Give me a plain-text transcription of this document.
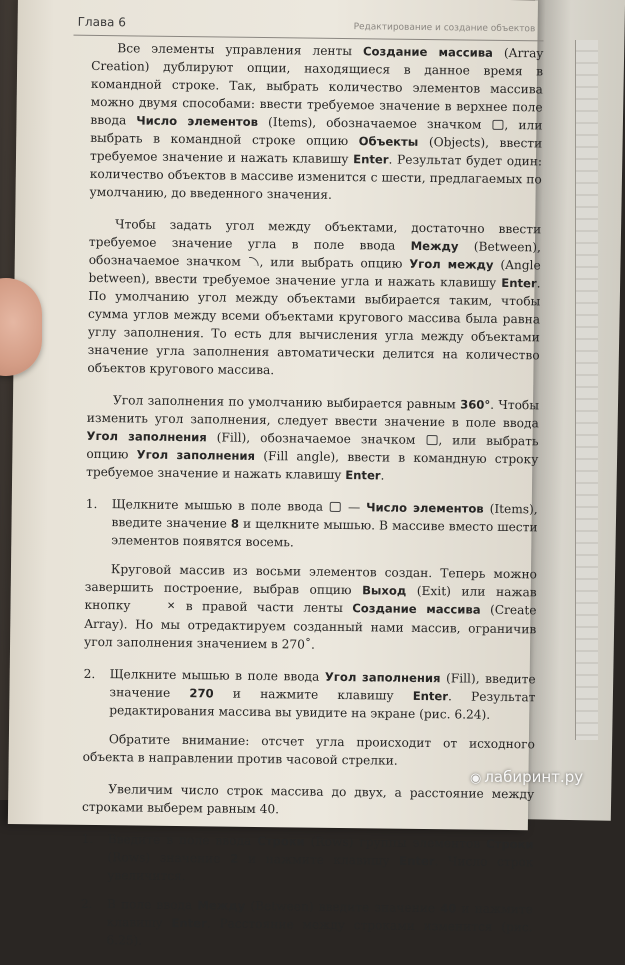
Глава 6	Редактирование и создание объектов

Все элементы управления ленты Создание массива (Array Creation) дублируют опции, находящиеся в данное время в командной строке. Так, выбрать количество элементов массива можно двумя способами: ввести требуемое значение в верхнее поле ввода Число элементов (Items), обозначаемое значком , или выбрать в командной строке опцию Объекты (Objects), ввести требуемое значение и нажать клавишу Enter. Результат будет один: количество объектов в массиве изменится с шести, предлагаемых по умолчанию, до введенного значения.

Чтобы задать угол между объектами, достаточно ввести требуемое значение угла в поле ввода Между (Between), обозначаемое значком , или выбрать опцию Угол между (Angle between), ввести требуемое значение угла и нажать клавишу Enter. По умолчанию угол между объектами выбирается таким, чтобы сумма углов между всеми объектами кругового массива была равна углу заполнения. То есть для вычисления угла между объектами значение угла заполнения автоматически делится на количество объектов кругового массива.

Угол заполнения по умолчанию выбирается равным 360°. Чтобы изменить угол заполнения, следует ввести значение в поле ввода Угол заполнения (Fill), обозначаемое значком , или выбрать опцию Угол заполнения (Fill angle), ввести в командную строку требуемое значение и нажать клавишу Enter.

1.	Щелкните мышью в поле ввода  — Число элементов (Items), введите значение 8 и щелкните мышью. В массиве вместо шести элементов появятся восемь.

Круговой массив из восьми элементов создан. Теперь можно завершить построение, выбрав опцию Выход (Exit) или нажав кнопку	✕ в правой части ленты Создание массива (Create Array). Но мы отредактируем созданный нами массив, ограничив угол заполнения значением в 270˚.

2.	Щелкните мышью в поле ввода Угол заполнения (Fill), введите значение 270 и нажмите клавишу Enter. Результат редактирования массива вы увидите на экране (рис. 6.24).

Обратите внимание: отсчет угла происходит от исходного объекта в направлении против часовой стрелки.

Увеличим число строк массива до двух, а расстояние между строками выберем равным 40.

1.	Введите в поле ввода Строки (Rows) группы элементов Строки (Rows) значение 2 и нажмите клавишу Enter. Число строк увеличится.

2.	В поле ввода Между (Between) введите значение 40 и нажмите клавишу Enter. Расстояние между строками изменится (рис. 6.25).

◉ лабиринт.ру
